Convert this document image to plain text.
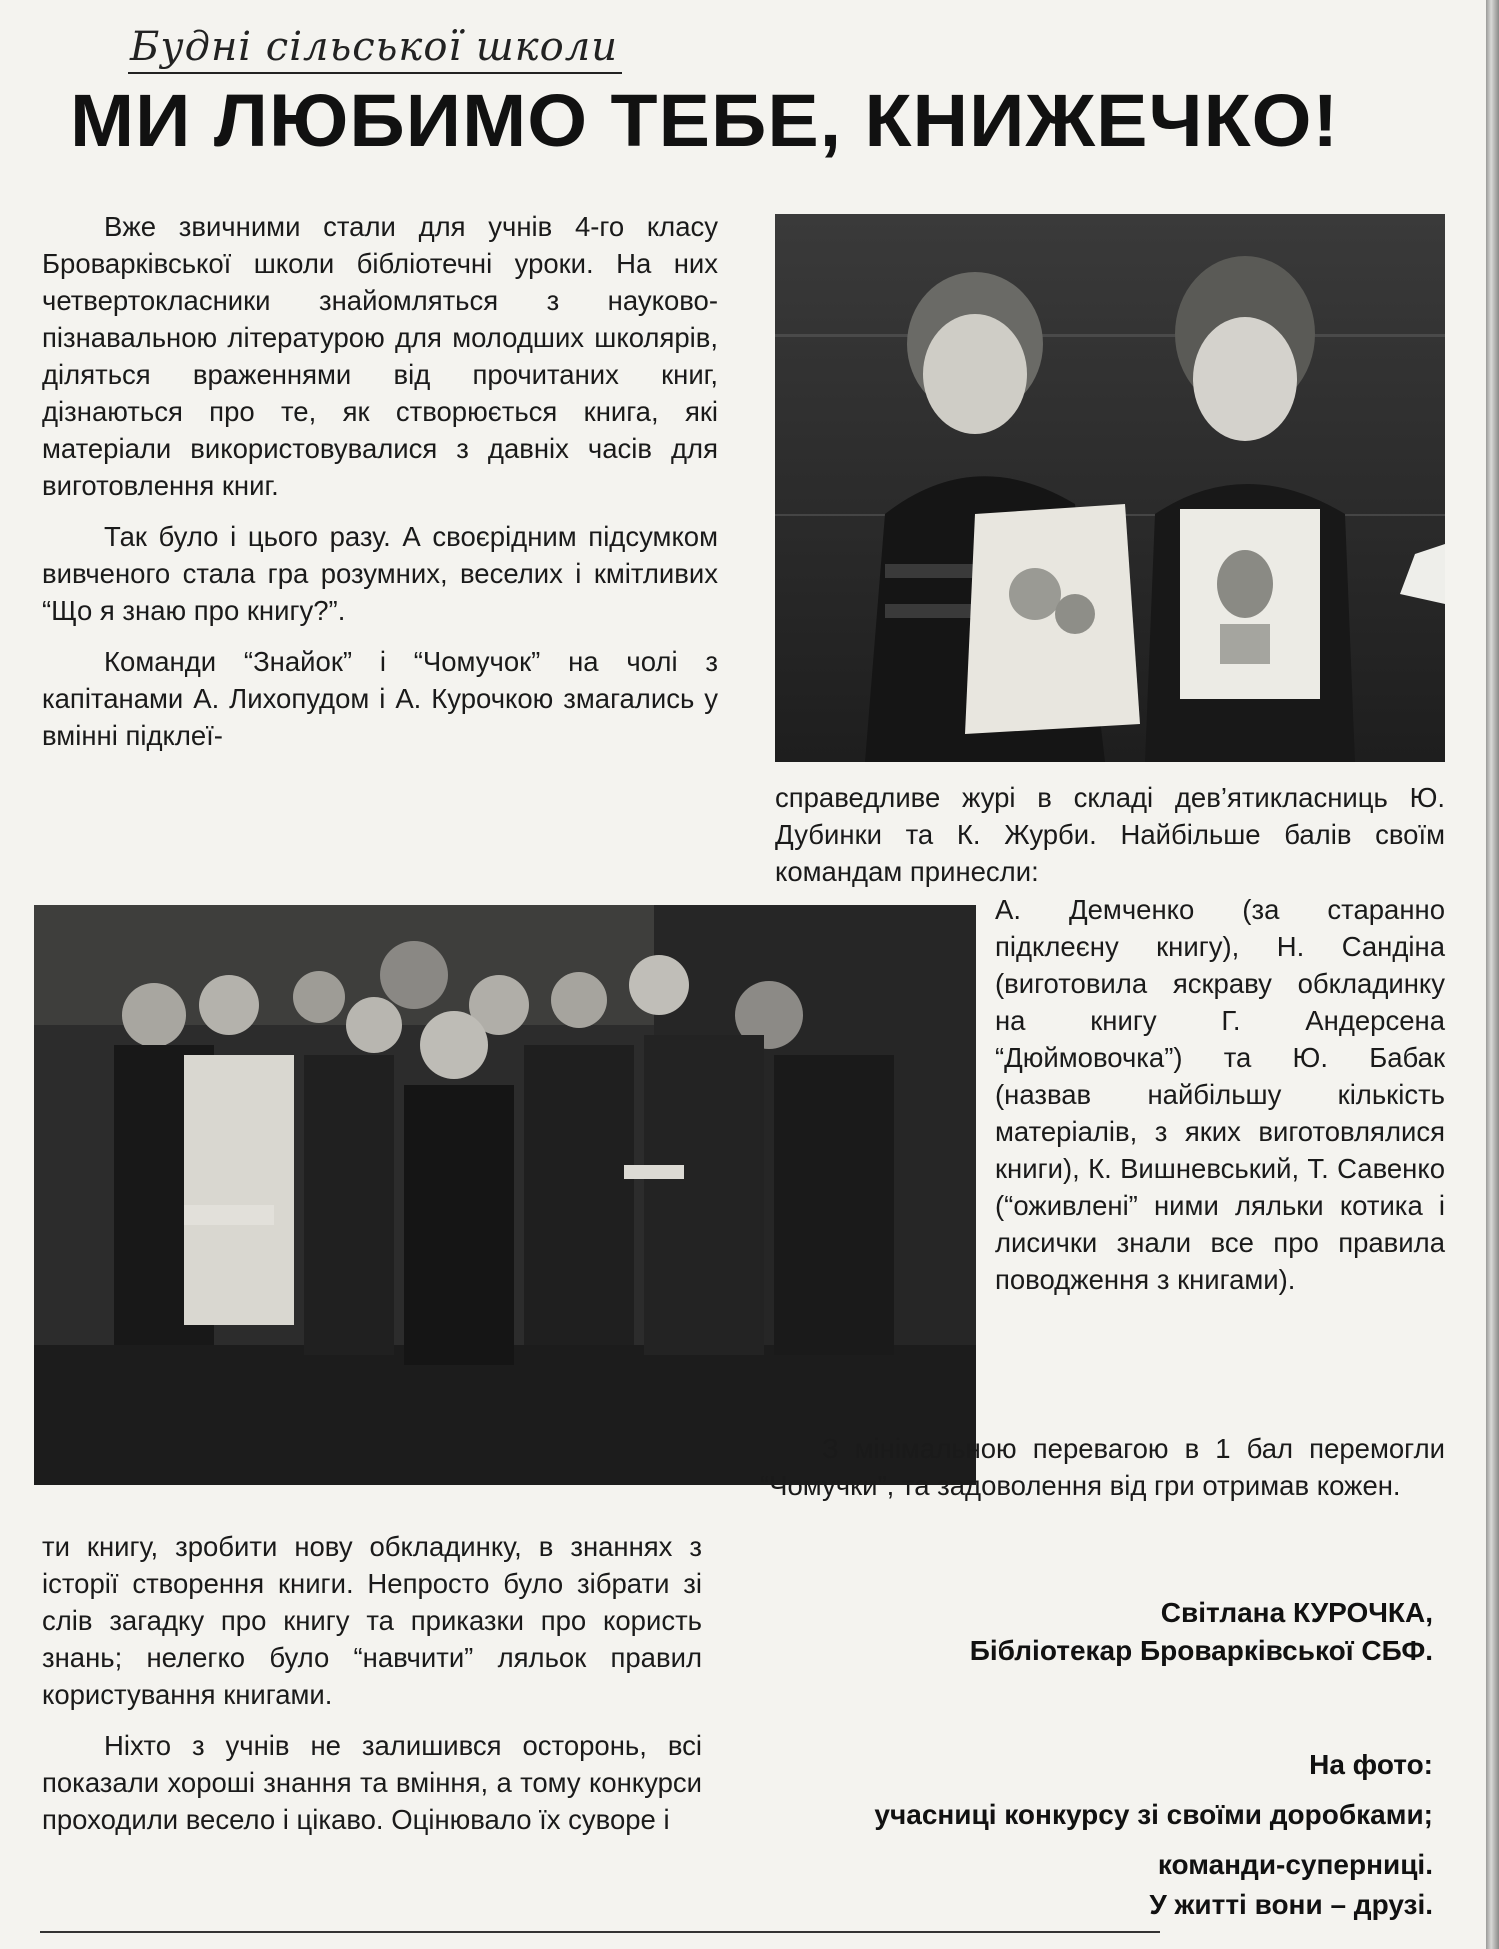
Будні сільської школи
МИ ЛЮБИМО ТЕБЕ, КНИЖЕЧКО!

Вже звичними стали для учнів 4-го класу Броварківської школи бібліотечні уроки. На них четвертокласники знайомляться з науково-пізнавальною літературою для молодших школярів, діляться враженнями від прочитаних книг, дізнаються про те, як створюється книга, які матеріали використовувалися з давніх часів для виготовлення книг.

Так було і цього разу. А своєрідним підсумком вивченого стала гра розумних, веселих і кмітливих “Що я знаю про книгу?”.

Команди “Знайок” і “Чомучок” на чолі з капітанами А. Лихопудом і А. Курочкою змагались у вмінні підклеї-

справедливе журі в складі дев’ятикласниць Ю. Дубинки та К. Журби. Найбільше балів своїм командам принесли:

А. Демченко (за старанно підклеєну книгу), Н. Сандіна (виготовила яскраву обкладинку на книгу Г. Андерсена “Дюймовочка”) та Ю. Бабак (назвав найбільшу кількість матеріалів, з яких виготовлялися книги), К. Вишневський, Т. Савенко (“оживлені” ними ляльки котика і лисички знали все про правила поводження з книгами).

З мінімальною перевагою в 1 бал перемогли “Чомучки”, та задоволення від гри отримав кожен.

ти книгу, зробити нову обкладинку, в знаннях з історії створення книги. Непросто було зібрати зі слів загадку про книгу та приказки про користь знань; нелегко було “навчити” ляльок правил користування книгами.

Ніхто з учнів не залишився осторонь, всі показали хороші знання та вміння, а тому конкурси проходили весело і цікаво. Оцінювало їх суворе і

Світлана КУРОЧКА,
Бібліотекар Броварківської СБФ.
На фото:
учасниці конкурсу зі своїми доробками;
команди-суперниці.
У житті вони – друзі.
